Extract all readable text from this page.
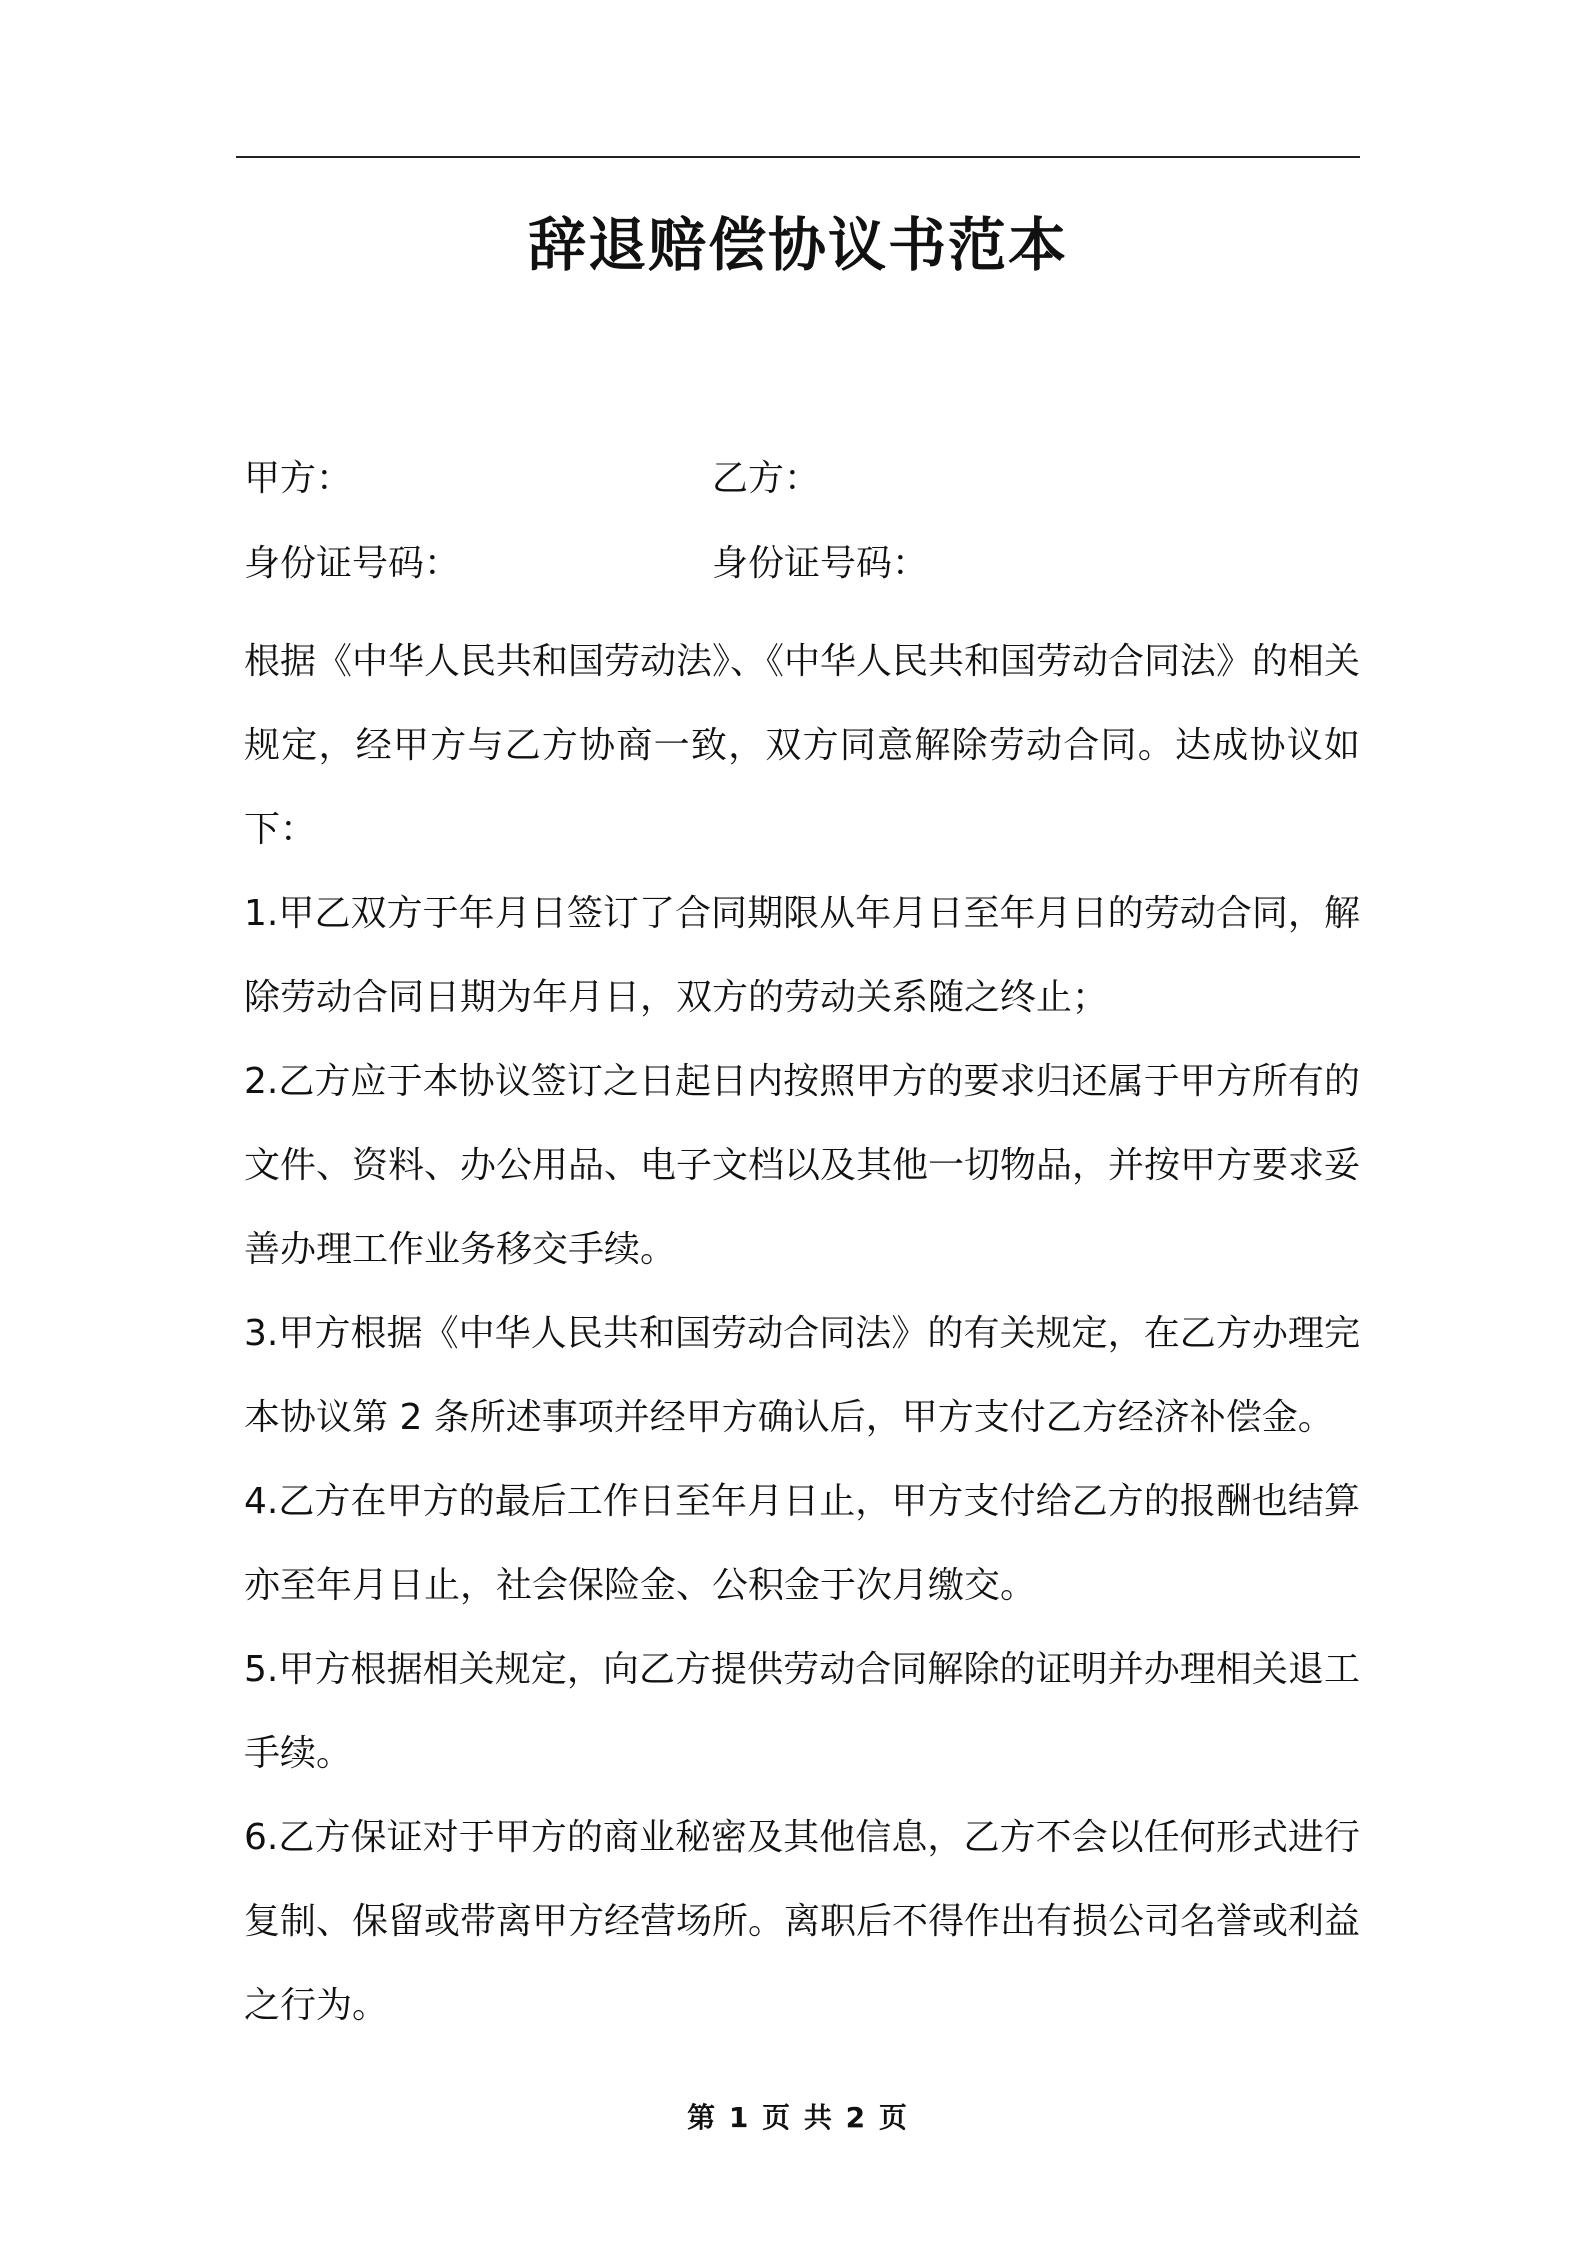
辞退赔偿协议书范本
甲方：	乙方：
身份证号码：	身份证号码：

根据《中华人民共和国劳动法》、《中华人民共和国劳动合同法》的相关规定，经甲方与乙方协商一致，双方同意解除劳动合同。达成协议如下：

1.甲乙双方于年月日签订了合同期限从年月日至年月日的劳动合同，解除劳动合同日期为年月日，双方的劳动关系随之终止；

2.乙方应于本协议签订之日起日内按照甲方的要求归还属于甲方所有的文件、资料、办公用品、电子文档以及其他一切物品，并按甲方要求妥善办理工作业务移交手续。

3.甲方根据《中华人民共和国劳动合同法》的有关规定，在乙方办理完本协议第 2 条所述事项并经甲方确认后，甲方支付乙方经济补偿金。

4.乙方在甲方的最后工作日至年月日止，甲方支付给乙方的报酬也结算亦至年月日止，社会保险金、公积金于次月缴交。

5.甲方根据相关规定，向乙方提供劳动合同解除的证明并办理相关退工手续。

6.乙方保证对于甲方的商业秘密及其他信息，乙方不会以任何形式进行复制、保留或带离甲方经营场所。离职后不得作出有损公司名誉或利益之行为。

第 1 页 共 2 页
